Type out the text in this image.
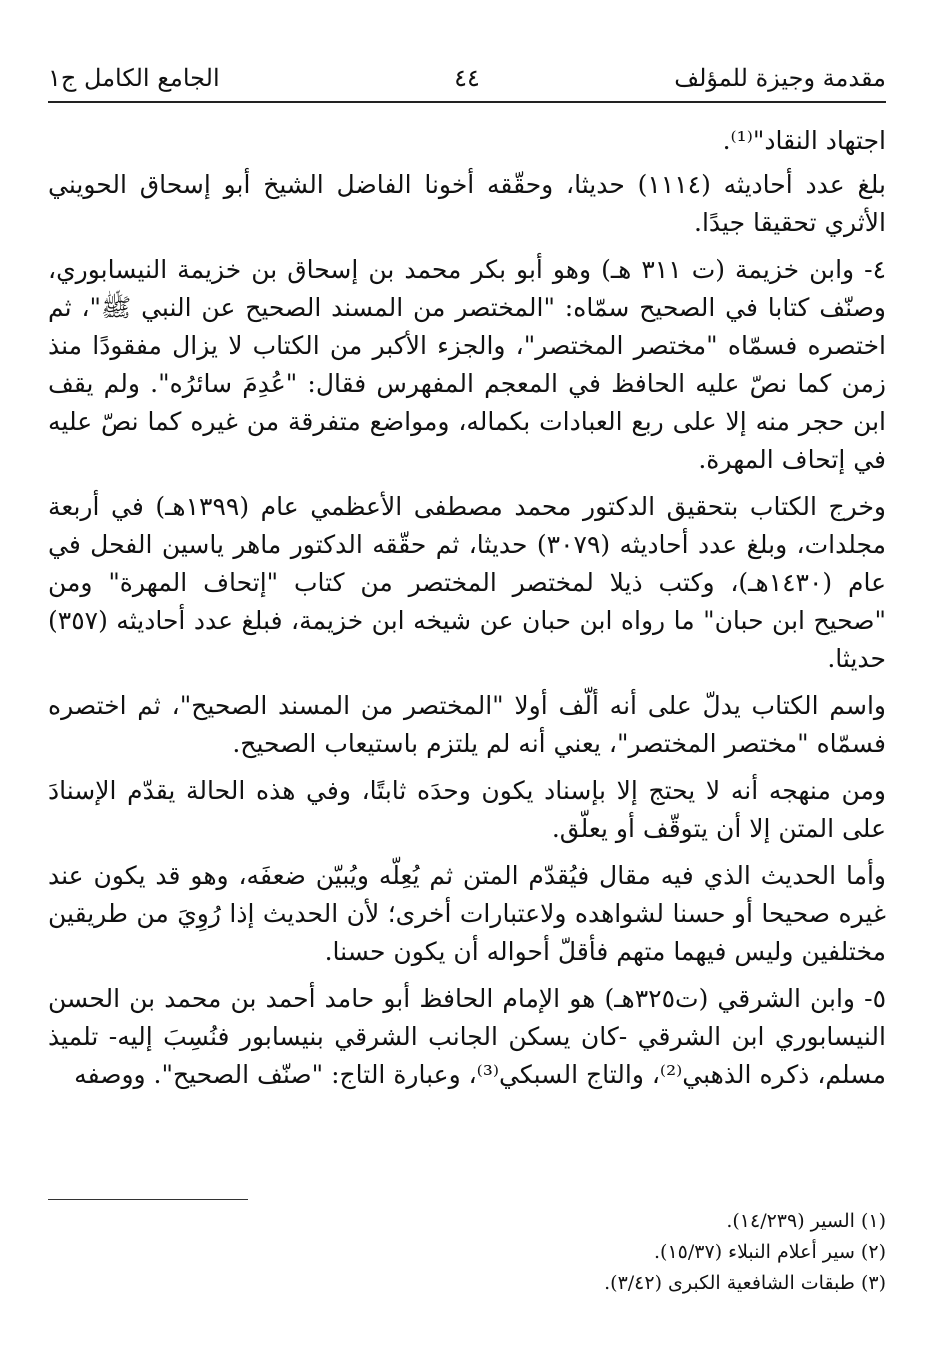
مقدمة وجيزة للمؤلف
٤٤
الجامع الكامل ج١

اجتهاد النقاد"⁽¹⁾.

بلغ عدد أحاديثه (١١١٤) حديثا، وحقّقه أخونا الفاضل الشيخ أبو إسحاق الحويني الأثري تحقيقا جيدًا.

٤- وابن خزيمة (ت ٣١١ هـ) وهو أبو بكر محمد بن إسحاق بن خزيمة النيسابوري، وصنّف كتابا في الصحيح سمّاه: "المختصر من المسند الصحيح عن النبي ﷺ"، ثم اختصره فسمّاه "مختصر المختصر"، والجزء الأكبر من الكتاب لا يزال مفقودًا منذ زمن كما نصّ عليه الحافظ في المعجم المفهرس فقال: "عُدِمَ سائرُه". ولم يقف ابن حجر منه إلا على ربع العبادات بكماله، ومواضع متفرقة من غيره كما نصّ عليه في إتحاف المهرة.

وخرج الكتاب بتحقيق الدكتور محمد مصطفى الأعظمي عام (١٣٩٩هـ) في أربعة مجلدات، وبلغ عدد أحاديثه (٣٠٧٩) حديثا، ثم حقّقه الدكتور ماهر ياسين الفحل في عام (١٤٣٠هـ)، وكتب ذيلا لمختصر المختصر من كتاب "إتحاف المهرة" ومن "صحيح ابن حبان" ما رواه ابن حبان عن شيخه ابن خزيمة، فبلغ عدد أحاديثه (٣٥٧) حديثا.

واسم الكتاب يدلّ على أنه ألّف أولا "المختصر من المسند الصحيح"، ثم اختصره فسمّاه "مختصر المختصر"، يعني أنه لم يلتزم باستيعاب الصحيح.

ومن منهجه أنه لا يحتج إلا بإسناد يكون وحدَه ثابتًا، وفي هذه الحالة يقدّم الإسنادَ على المتن إلا أن يتوقّف أو يعلّق.

وأما الحديث الذي فيه مقال فيُقدّم المتن ثم يُعِلّه ويُبيّن ضعفَه، وهو قد يكون عند غيره صحيحا أو حسنا لشواهده ولاعتبارات أخرى؛ لأن الحديث إذا رُوِيَ من طريقين مختلفين وليس فيهما متهم فأقلّ أحواله أن يكون حسنا.

٥- وابن الشرقي (ت٣٢٥هـ) هو الإمام الحافظ أبو حامد أحمد بن محمد بن الحسن النيسابوري ابن الشرقي -كان يسكن الجانب الشرقي بنيسابور فنُسِبَ إليه- تلميذ مسلم، ذكره الذهبي⁽²⁾، والتاج السبكي⁽³⁾، وعبارة التاج: "صنّف الصحيح". ووصفه

(١) السير (١٤/٢٣٩).

(٢) سير أعلام النبلاء (١٥/٣٧).

(٣) طبقات الشافعية الكبرى (٣/٤٢).
